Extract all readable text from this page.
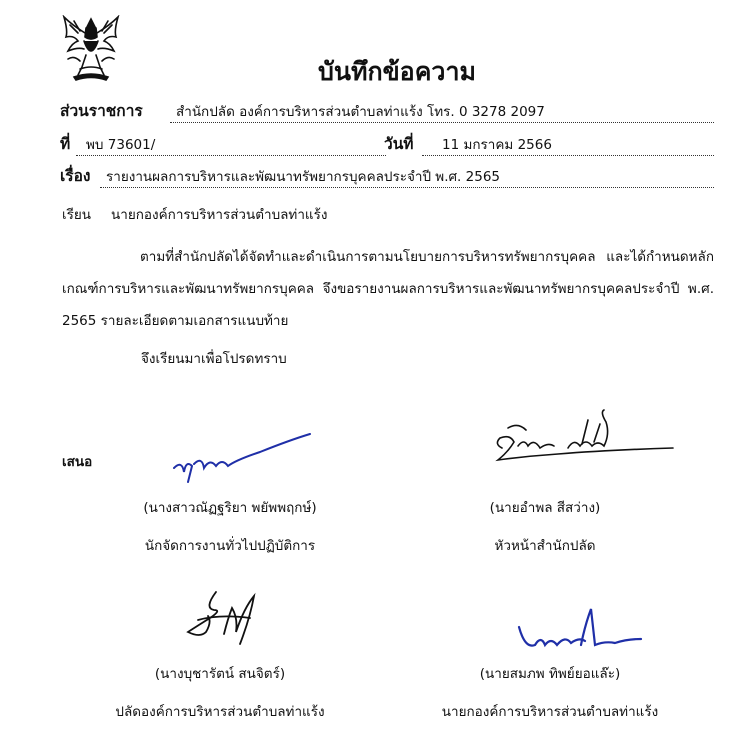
บันทึกข้อความ
ส่วนราชการ	สำนักปลัด องค์การบริหารส่วนตำบลท่าแร้ง โทร. 0 3278 2097
ที่	พบ 73601/	วันที่	11 มกราคม 2566
เรื่อง	รายงานผลการบริหารและพัฒนาทรัพยากรบุคคลประจำปี พ.ศ. 2565
เรียน นายกองค์การบริหารส่วนตำบลท่าแร้ง

ตามที่สำนักปลัดได้จัดทำและดำเนินการตามนโยบายการบริหารทรัพยากรบุคคล และได้กำหนดหลักเกณฑ์การบริหารและพัฒนาทรัพยากรบุคคล จึงขอรายงานผลการบริหารและพัฒนาทรัพยากรบุคคลประจำปี พ.ศ. 2565 รายละเอียดตามเอกสารแนบท้าย

จึงเรียนมาเพื่อโปรดทราบ
เสนอ
(นางสาวณัฏฐริยา พยัพพฤกษ์)
นักจัดการงานทั่วไปปฏิบัติการ
(นายอำพล สีสว่าง)
หัวหน้าสำนักปลัด
(นางบุชารัตน์ สนจิตร์)
ปลัดองค์การบริหารส่วนตำบลท่าแร้ง
(นายสมภพ ทิพย์ยอแล๊ะ)
นายกองค์การบริหารส่วนตำบลท่าแร้ง
